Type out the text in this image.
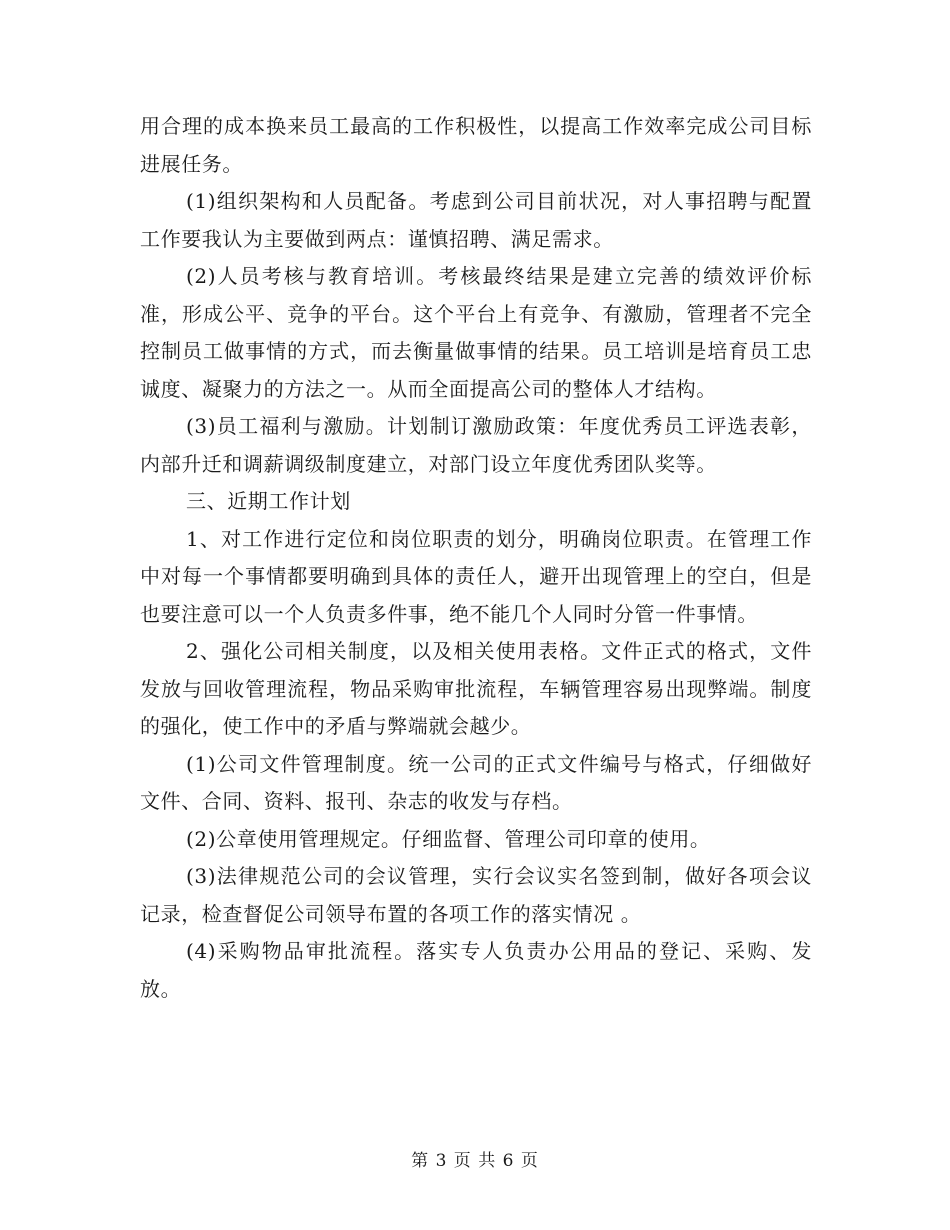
用合理的成本换来员工最高的工作积极性，以提高工作效率完成公司目标进展任务。

(1)组织架构和人员配备。考虑到公司目前状况，对人事招聘与配置工作要我认为主要做到两点：谨慎招聘、满足需求。

(2)人员考核与教育培训。考核最终结果是建立完善的绩效评价标准，形成公平、竞争的平台。这个平台上有竞争、有激励，管理者不完全控制员工做事情的方式，而去衡量做事情的结果。员工培训是培育员工忠诚度、凝聚力的方法之一。从而全面提高公司的整体人才结构。

(3)员工福利与激励。计划制订激励政策：年度优秀员工评选表彰，内部升迁和调薪调级制度建立，对部门设立年度优秀团队奖等。

三、近期工作计划

1、对工作进行定位和岗位职责的划分，明确岗位职责。在管理工作中对每一个事情都要明确到具体的责任人，避开出现管理上的空白，但是也要注意可以一个人负责多件事，绝不能几个人同时分管一件事情。

2、强化公司相关制度，以及相关使用表格。文件正式的格式，文件发放与回收管理流程，物品采购审批流程，车辆管理容易出现弊端。制度的强化，使工作中的矛盾与弊端就会越少。

(1)公司文件管理制度。统一公司的正式文件编号与格式，仔细做好文件、合同、资料、报刊、杂志的收发与存档。

(2)公章使用管理规定。仔细监督、管理公司印章的使用。

(3)法律规范公司的会议管理，实行会议实名签到制，做好各项会议记录，检查督促公司领导布置的各项工作的落实情况 。

(4)采购物品审批流程。落实专人负责办公用品的登记、采购、发放。

第 3 页 共 6 页
